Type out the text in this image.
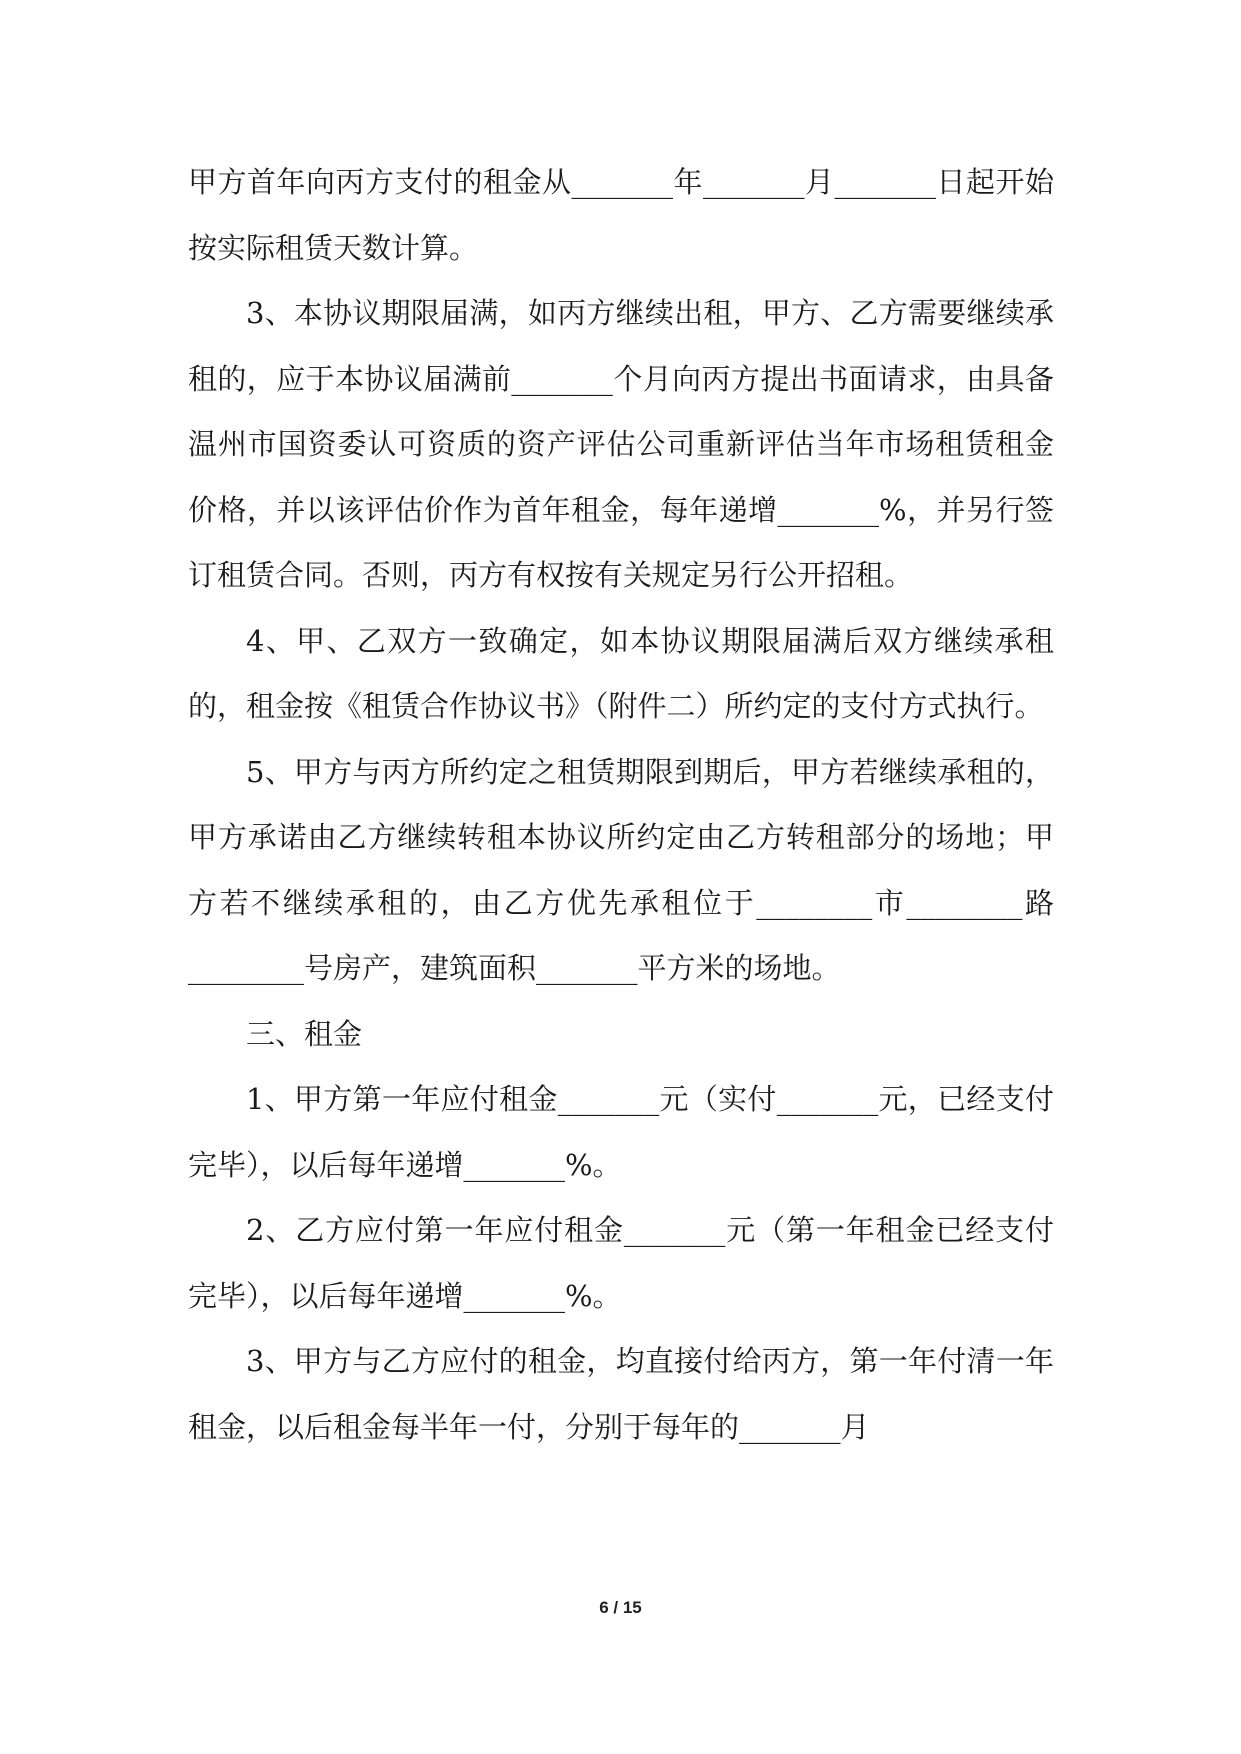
甲方首年向丙方支付的租金从_______年_______月_______日起开始按实际租赁天数计算。

3、本协议期限届满，如丙方继续出租，甲方、乙方需要继续承租的，应于本协议届满前_______个月向丙方提出书面请求，由具备温州市国资委认可资质的资产评估公司重新评估当年市场租赁租金价格，并以该评估价作为首年租金，每年递增_______%，并另行签订租赁合同。否则，丙方有权按有关规定另行公开招租。

4、甲、乙双方一致确定，如本协议期限届满后双方继续承租的，租金按《租赁合作协议书》（附件二）所约定的支付方式执行。

5、甲方与丙方所约定之租赁期限到期后，甲方若继续承租的，甲方承诺由乙方继续转租本协议所约定由乙方转租部分的场地；甲方若不继续承租的，由乙方优先承租位于________市________路________号房产，建筑面积_______平方米的场地。

三、租金

1、甲方第一年应付租金_______元（实付_______元，已经支付完毕），以后每年递增_______%。

2、乙方应付第一年应付租金_______元（第一年租金已经支付完毕），以后每年递增_______%。

3、甲方与乙方应付的租金，均直接付给丙方，第一年付清一年租金，以后租金每半年一付，分别于每年的_______月

6 / 15
